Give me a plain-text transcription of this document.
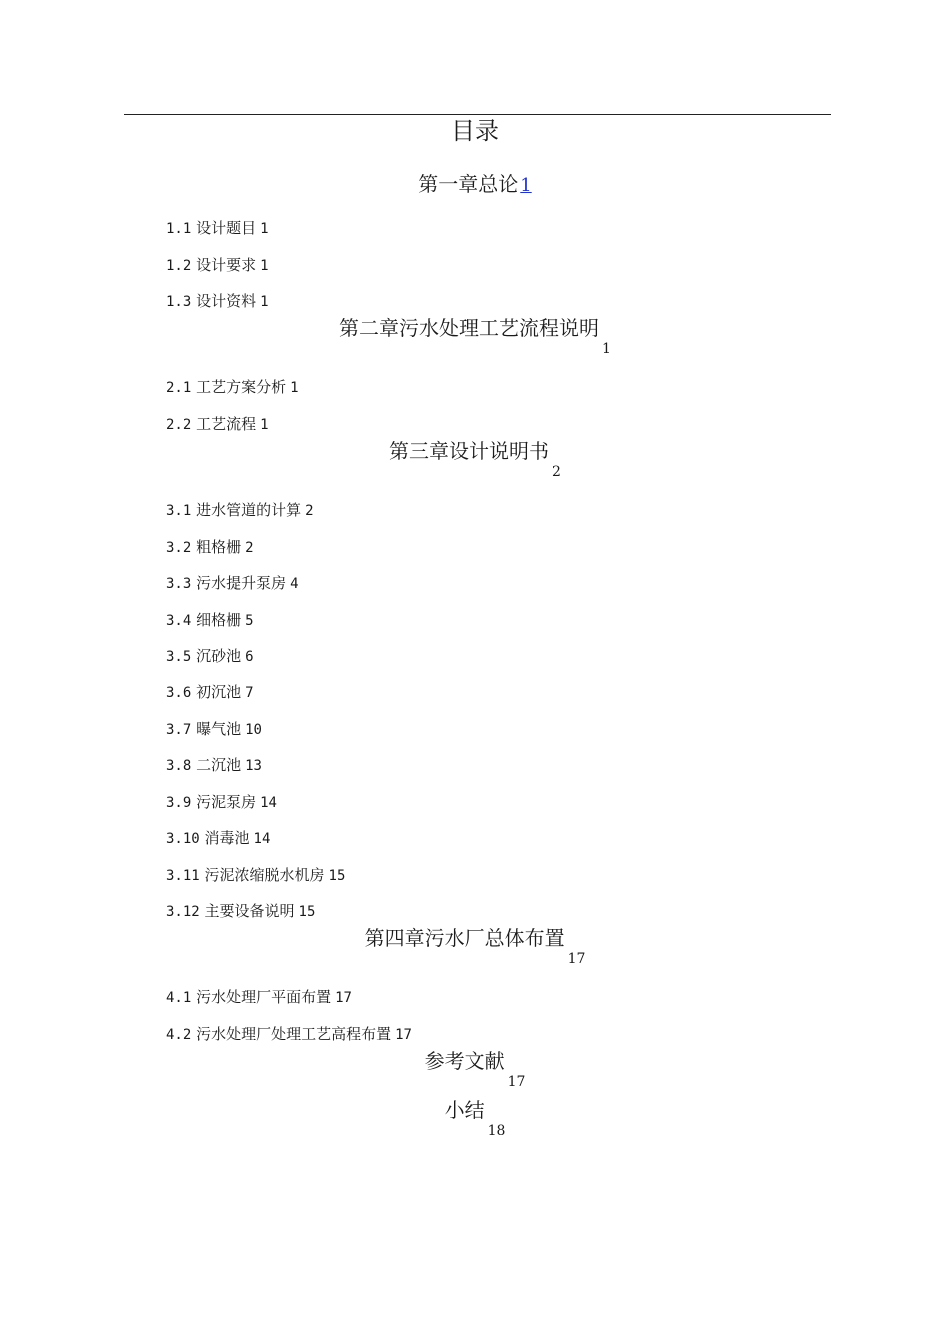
目录
第一章总论 1
1.1 设计题目 1
1.2 设计要求 1
1.3 设计资料 1
第二章污水处理工艺流程说明$_1$
2.1 工艺方案分析 1
2.2 工艺流程 1
第三章设计说明书$_2$
3.1 进水管道的计算 2
3.2 粗格栅 2
3.3 污水提升泵房 4
3.4 细格栅 5
3.5 沉砂池 6
3.6 初沉池 7
3.7 曝气池 10
3.8 二沉池 13
3.9 污泥泵房 14
3.10 消毒池 14
3.11 污泥浓缩脱水机房 15
3.12 主要设备说明 15
第四章污水厂总体布置$_{17}$
4.1 污水处理厂平面布置 17
4.2 污水处理厂处理工艺高程布置 17
参考文献$_{17}$
小结$_{18}$
